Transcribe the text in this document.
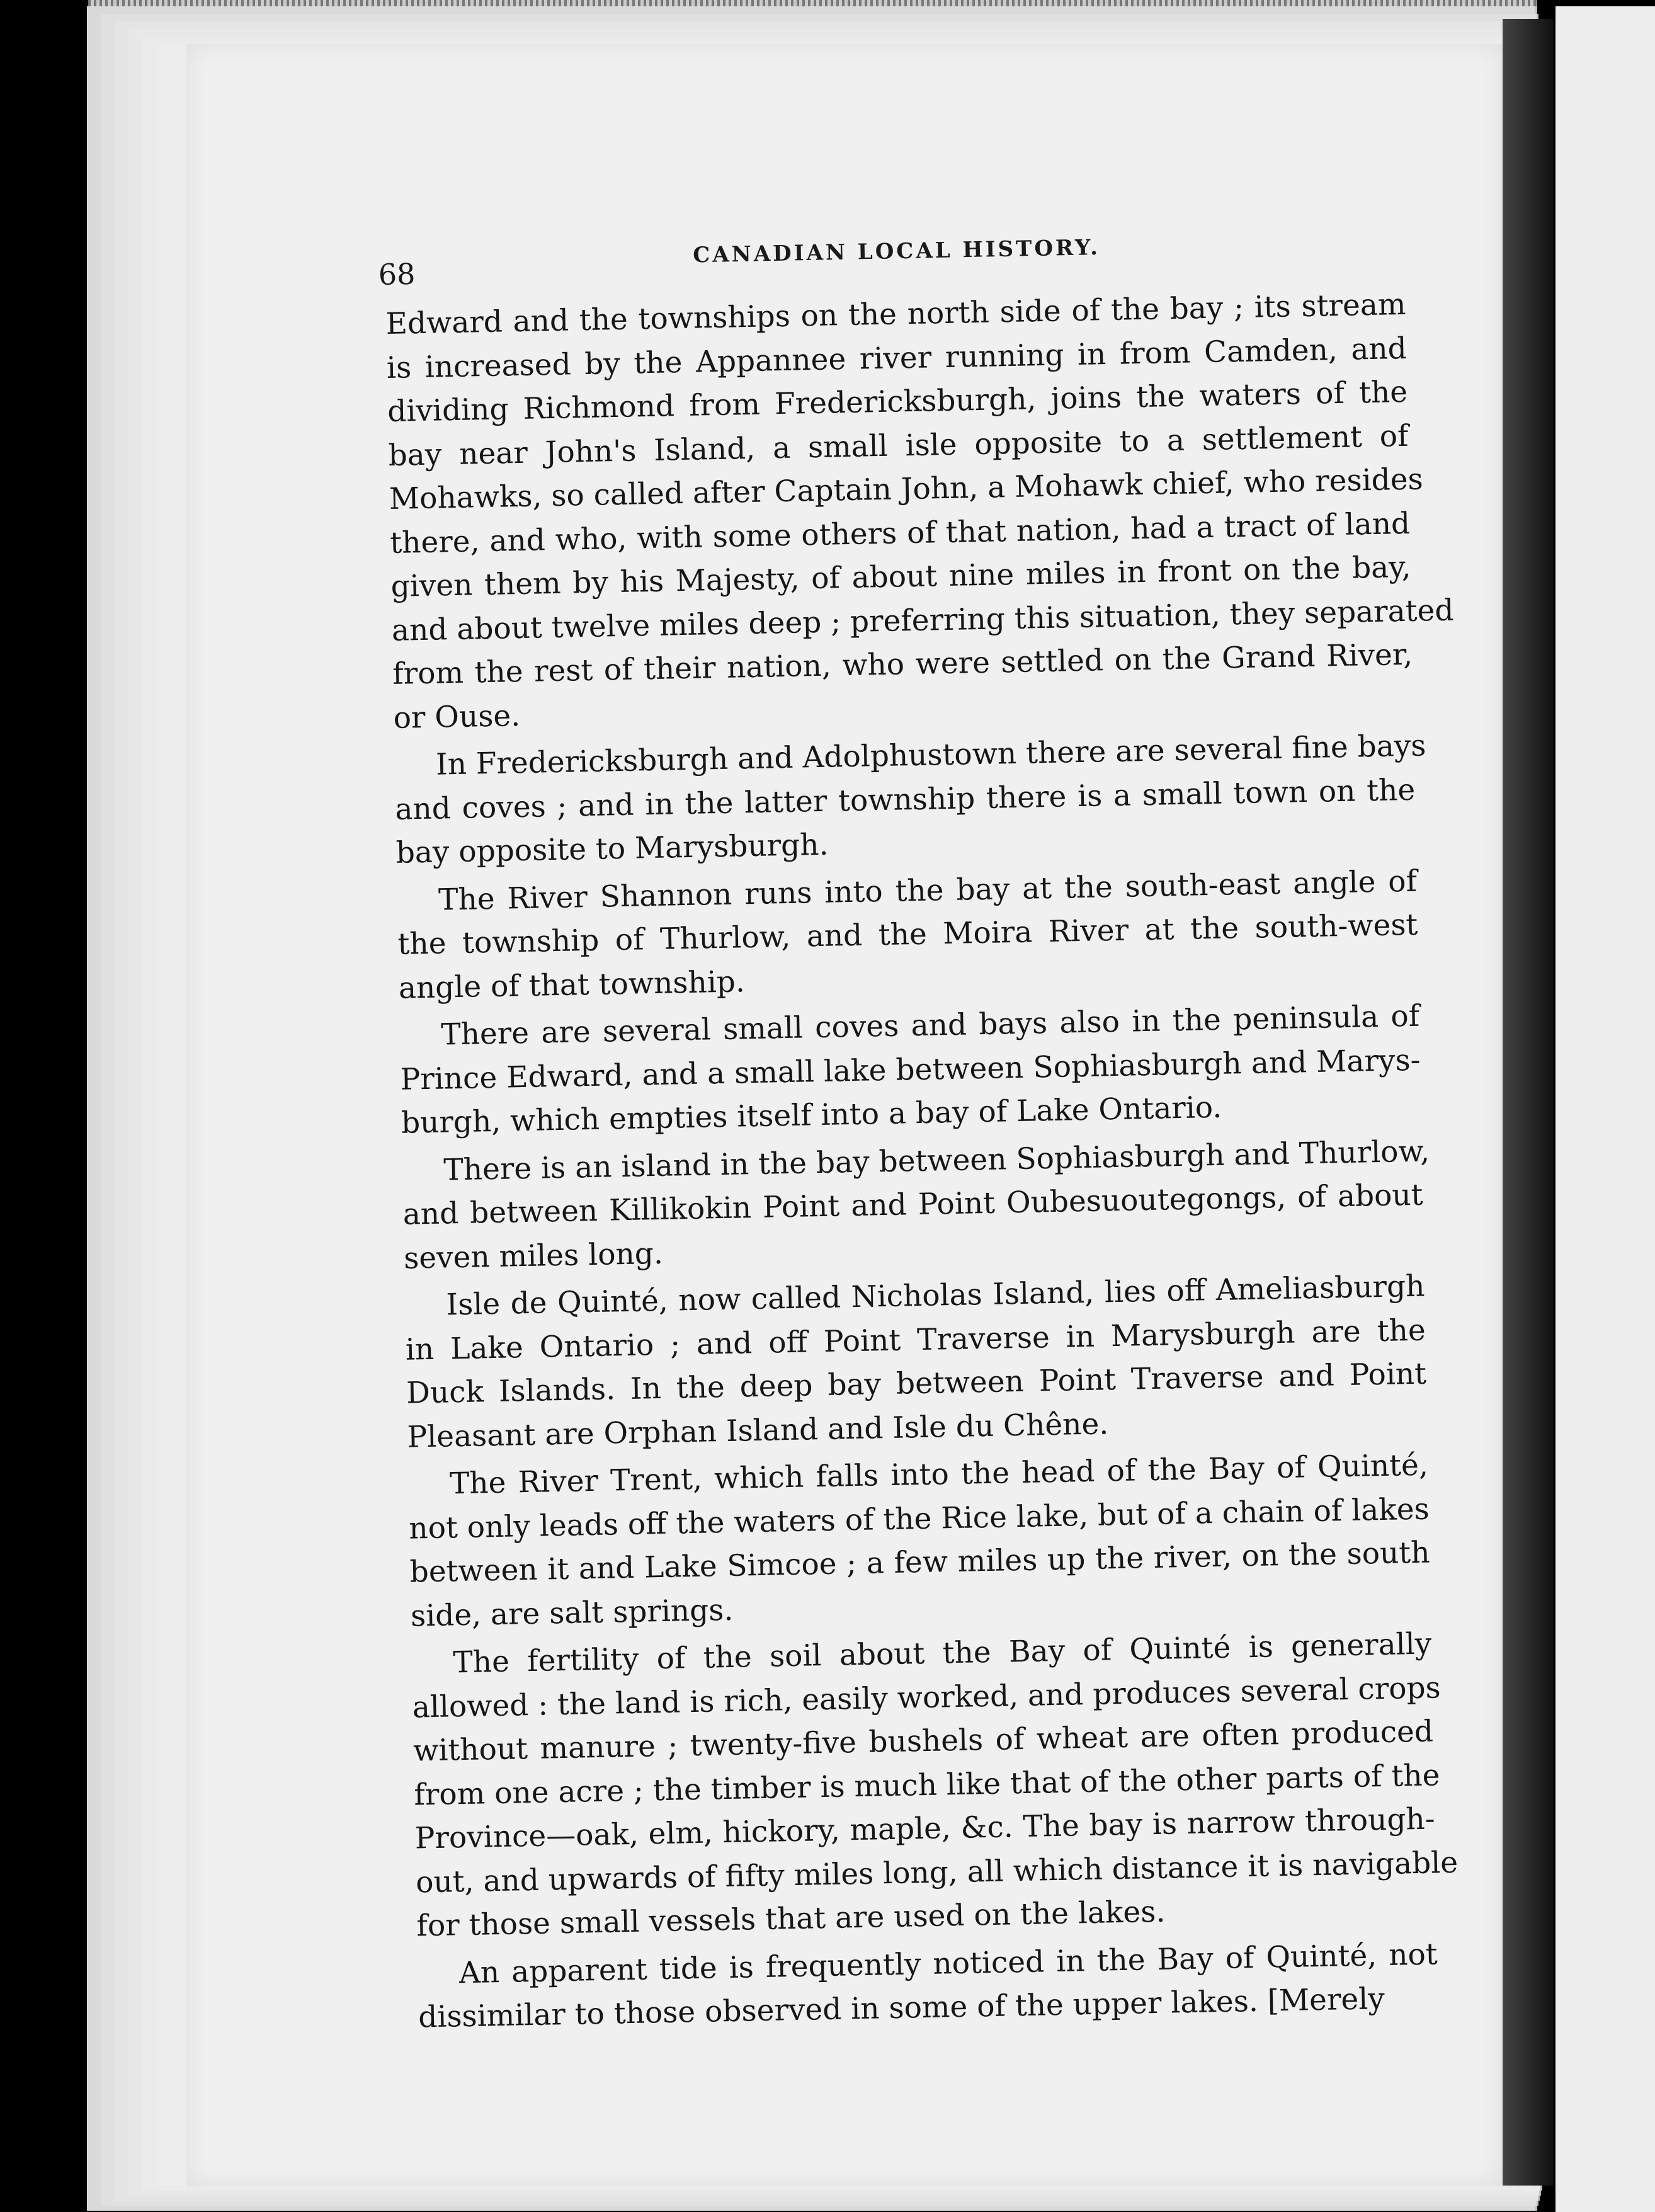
68
CANADIAN LOCAL HISTORY.
Edward and the townships on the north side of the bay ; its stream
is increased by the Appannee river running in from Camden, and
dividing Richmond from Fredericksburgh, joins the waters of the
bay near John's Island, a small isle opposite to a settlement of
Mohawks, so called after Captain John, a Mohawk chief, who resides
there, and who, with some others of that nation, had a tract of land
given them by his Majesty, of about nine miles in front on the bay,
and about twelve miles deep ; preferring this situation, they separated
from the rest of their nation, who were settled on the Grand River,
or Ouse.
In Fredericksburgh and Adolphustown there are several fine bays
and coves ; and in the latter township there is a small town on the
bay opposite to Marysburgh.
The River Shannon runs into the bay at the south-east angle of
the township of Thurlow, and the Moira River at the south-west
angle of that township.
There are several small coves and bays also in the peninsula of
Prince Edward, and a small lake between Sophiasburgh and Marys-
burgh, which empties itself into a bay of Lake Ontario.
There is an island in the bay between Sophiasburgh and Thurlow,
and between Killikokin Point and Point Oubesuoutegongs, of about
seven miles long.
Isle de Quinté, now called Nicholas Island, lies off Ameliasburgh
in Lake Ontario ; and off Point Traverse in Marysburgh are the
Duck Islands. In the deep bay between Point Traverse and Point
Pleasant are Orphan Island and Isle du Chêne.
The River Trent, which falls into the head of the Bay of Quinté,
not only leads off the waters of the Rice lake, but of a chain of lakes
between it and Lake Simcoe ; a few miles up the river, on the south
side, are salt springs.
The fertility of the soil about the Bay of Quinté is generally
allowed : the land is rich, easily worked, and produces several crops
without manure ; twenty-five bushels of wheat are often produced
from one acre ; the timber is much like that of the other parts of the
Province—oak, elm, hickory, maple, &c. The bay is narrow through-
out, and upwards of fifty miles long, all which distance it is navigable
for those small vessels that are used on the lakes.
An apparent tide is frequently noticed in the Bay of Quinté, not
dissimilar to those observed in some of the upper lakes. [Merely
